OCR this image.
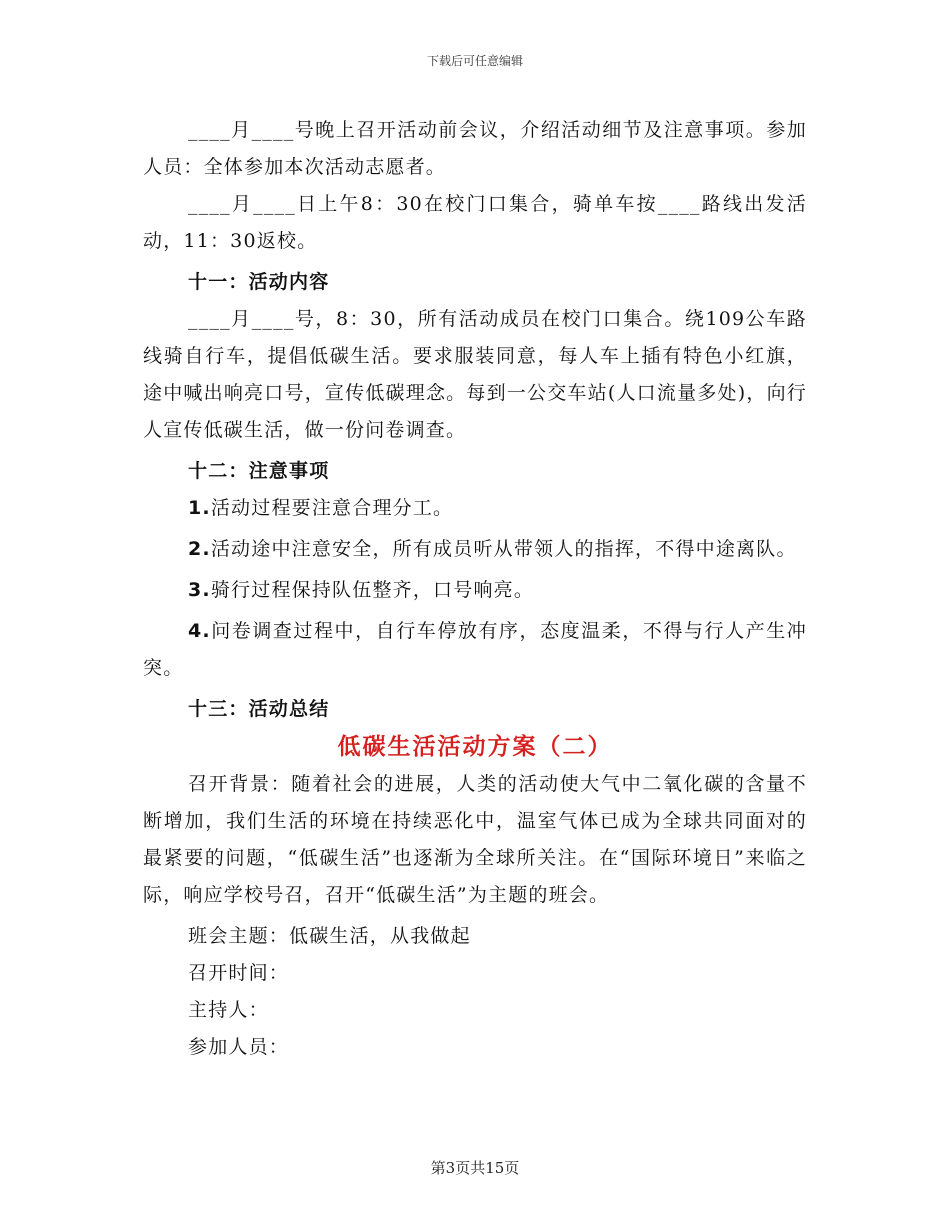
下载后可任意编辑

____月____号晚上召开活动前会议，介绍活动细节及注意事项。参加人员：全体参加本次活动志愿者。

____月____日上午8：30在校门口集合，骑单车按____路线出发活动，11：30返校。

十一：活动内容

____月____号，8：30，所有活动成员在校门口集合。绕109公车路线骑自行车，提倡低碳生活。要求服装同意，每人车上插有特色小红旗，途中喊出响亮口号，宣传低碳理念。每到一公交车站(人口流量多处)，向行人宣传低碳生活，做一份问卷调查。

十二：注意事项

1.活动过程要注意合理分工。

2.活动途中注意安全，所有成员听从带领人的指挥，不得中途离队。

3.骑行过程保持队伍整齐，口号响亮。

4.问卷调查过程中，自行车停放有序，态度温柔，不得与行人产生冲突。

十三：活动总结

低碳生活活动方案（二）

召开背景：随着社会的进展，人类的活动使大气中二氧化碳的含量不断增加，我们生活的环境在持续恶化中，温室气体已成为全球共同面对的最紧要的问题，“低碳生活”也逐渐为全球所关注。在“国际环境日”来临之际，响应学校号召，召开“低碳生活”为主题的班会。

班会主题：低碳生活，从我做起

召开时间：

主持人：

参加人员：

第3页共15页
